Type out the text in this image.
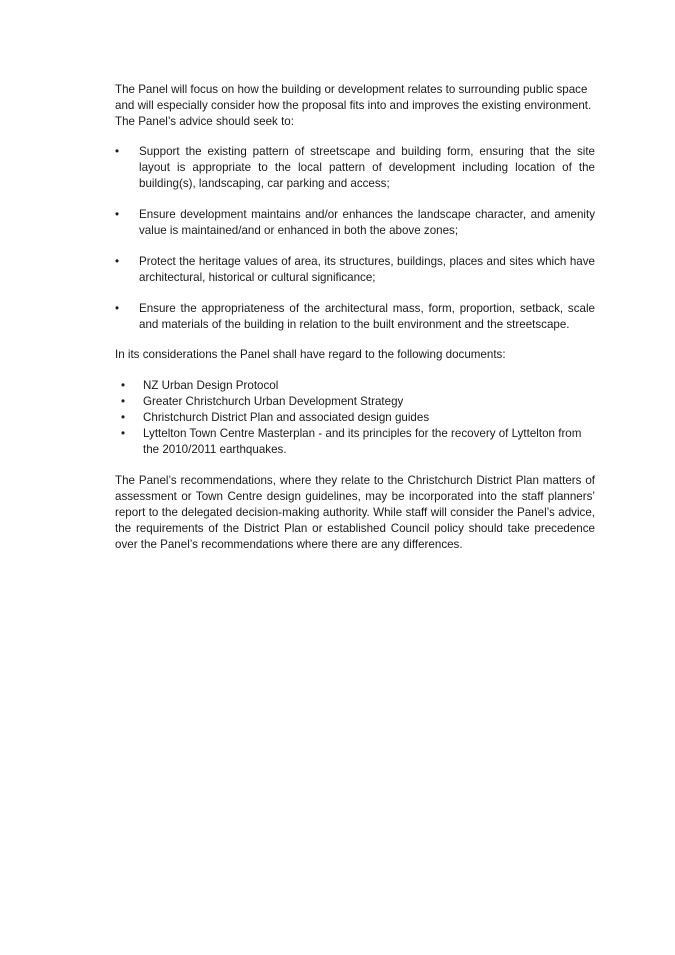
The Panel will focus on how the building or development relates to surrounding public space and will especially consider how the proposal fits into and improves the existing environment. The Panel’s advice should seek to:

• Support the existing pattern of streetscape and building form, ensuring that the site layout is appropriate to the local pattern of development including location of the building(s), landscaping, car parking and access;
• Ensure development maintains and/or enhances the landscape character, and amenity value is maintained/and or enhanced in both the above zones;
• Protect the heritage values of area, its structures, buildings, places and sites which have architectural, historical or cultural significance;
• Ensure the appropriateness of the architectural mass, form, proportion, setback, scale and materials of the building in relation to the built environment and the streetscape.

In its considerations the Panel shall have regard to the following documents:

• NZ Urban Design Protocol
• Greater Christchurch Urban Development Strategy
• Christchurch District Plan and associated design guides
• Lyttelton Town Centre Masterplan - and its principles for the recovery of Lyttelton from the 2010/2011 earthquakes.

The Panel’s recommendations, where they relate to the Christchurch District Plan matters of assessment or Town Centre design guidelines, may be incorporated into the staff planners’ report to the delegated decision-making authority. While staff will consider the Panel’s advice, the requirements of the District Plan or established Council policy should take precedence over the Panel’s recommendations where there are any differences.
